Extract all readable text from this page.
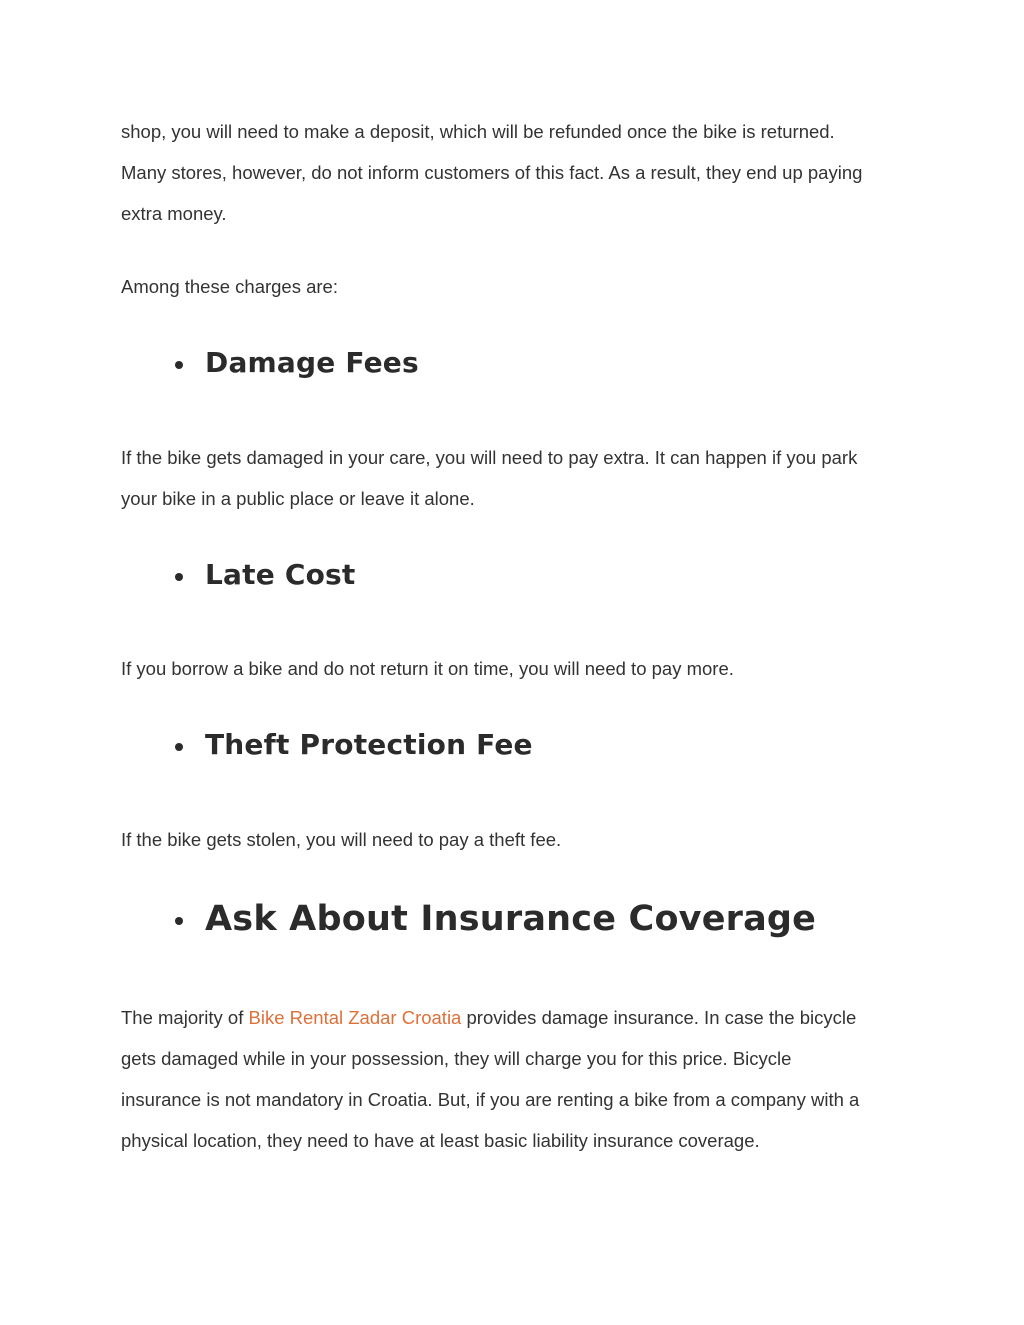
shop, you will need to make a deposit, which will be refunded once the bike is returned.
Many stores, however, do not inform customers of this fact. As a result, they end up paying
extra money.

Among these charges are:

Damage Fees

If the bike gets damaged in your care, you will need to pay extra. It can happen if you park
your bike in a public place or leave it alone.

Late Cost

If you borrow a bike and do not return it on time, you will need to pay more.

Theft Protection Fee

If the bike gets stolen, you will need to pay a theft fee.

Ask About Insurance Coverage

The majority of Bike Rental Zadar Croatia provides damage insurance. In case the bicycle
gets damaged while in your possession, they will charge you for this price. Bicycle
insurance is not mandatory in Croatia. But, if you are renting a bike from a company with a
physical location, they need to have at least basic liability insurance coverage.
